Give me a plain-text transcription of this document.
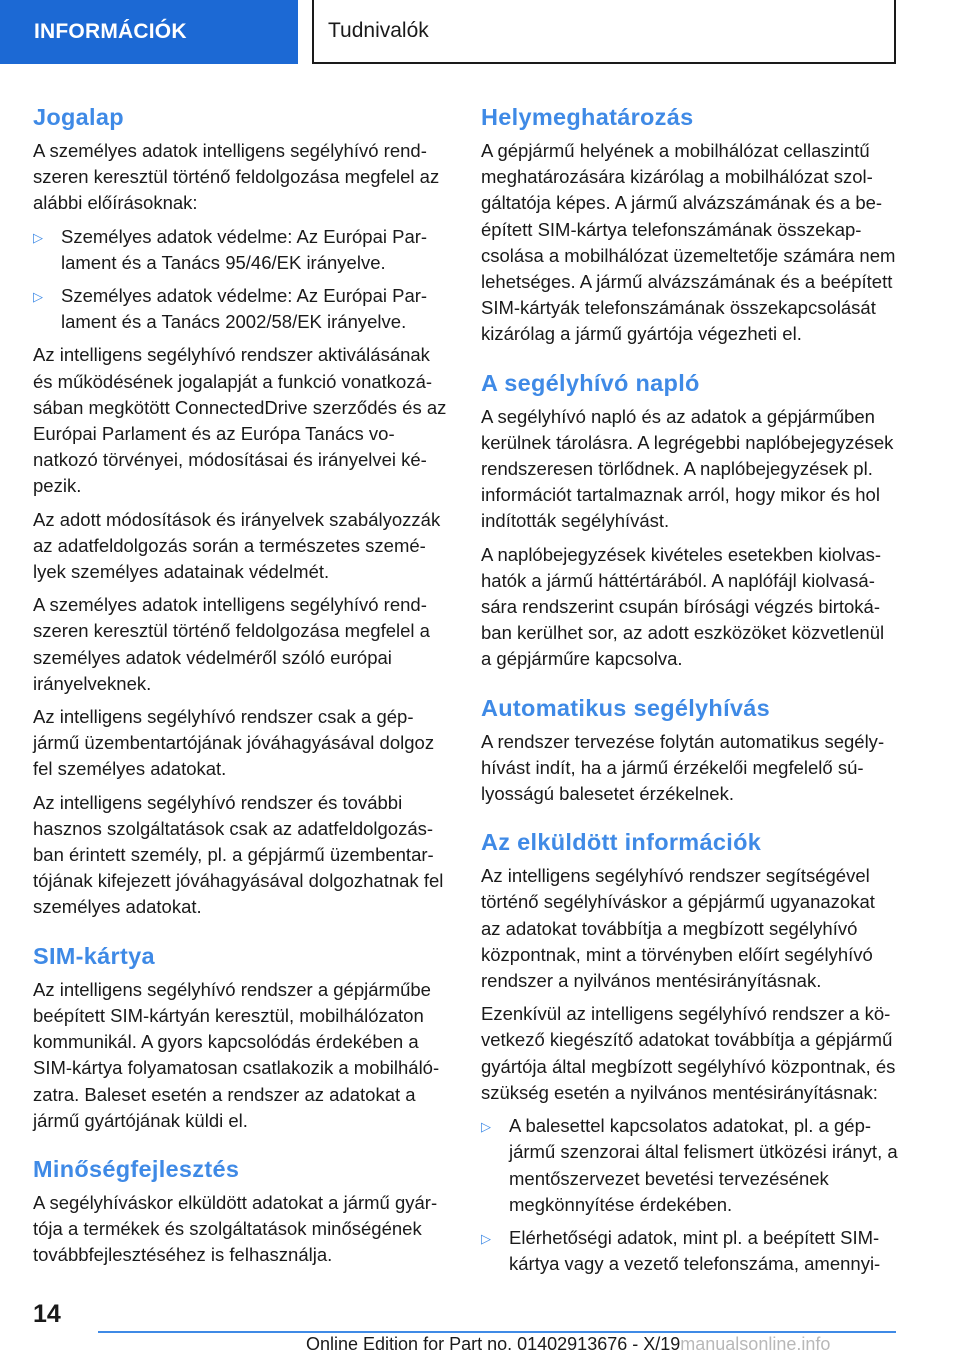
INFORMÁCIÓK	Tudnivalók
Jogalap

A személyes adatok intelligens segélyhívó rendszeren keresztül történő feldolgozása megfelel az alábbi előírásoknak:

▷ Személyes adatok védelme: Az Európai Parlament és a Tanács 95/46/EK irányelve.
▷ Személyes adatok védelme: Az Európai Parlament és a Tanács 2002/58/EK irányelve.

Az intelligens segélyhívó rendszer aktiválásának és működésének jogalapját a funkció vonatkozásában megkötött ConnectedDrive szerződés és az Európai Parlament és az Európa Tanács vonatkozó törvényei, módosításai és irányelvei képezik.

Az adott módosítások és irányelvek szabályozzák az adatfeldolgozás során a természetes személyek személyes adatainak védelmét.

A személyes adatok intelligens segélyhívó rendszeren keresztül történő feldolgozása megfelel a személyes adatok védelméről szóló európai irányelveknek.

Az intelligens segélyhívó rendszer csak a gépjármű üzembentartójának jóváhagyásával dolgoz fel személyes adatokat.

Az intelligens segélyhívó rendszer és további hasznos szolgáltatások csak az adatfeldolgozásban érintett személy, pl. a gépjármű üzembentartójának kifejezett jóváhagyásával dolgozhatnak fel személyes adatokat.

SIM-kártya

Az intelligens segélyhívó rendszer a gépjárműbe beépített SIM-kártyán keresztül, mobilhálózaton kommunikál. A gyors kapcsolódás érdekében a SIM-kártya folyamatosan csatlakozik a mobilhálózatra. Baleset esetén a rendszer az adatokat a jármű gyártójának küldi el.

Minőségfejlesztés

A segélyhíváskor elküldött adatokat a jármű gyártója a termékek és szolgáltatások minőségének továbbfejlesztéséhez is felhasználja.

Helymeghatározás

A gépjármű helyének a mobilhálózat cellaszintű meghatározására kizárólag a mobilhálózat szolgáltatója képes. A jármű alvázszámának és a beépített SIM-kártya telefonszámának összekapcsolása a mobilhálózat üzemeltetője számára nem lehetséges. A jármű alvázszámának és a beépített SIM-kártyák telefonszámának összekapcsolását kizárólag a jármű gyártója végezheti el.

A segélyhívó napló

A segélyhívó napló és az adatok a gépjárműben kerülnek tárolásra. A legrégebbi naplóbejegyzések rendszeresen törlődnek. A naplóbejegyzések pl. információt tartalmaznak arról, hogy mikor és hol indították segélyhívást.

A naplóbejegyzések kivételes esetekben kiolvashatók a jármű háttértárából. A naplófájl kiolvasására rendszerint csupán bírósági végzés birtokában kerülhet sor, az adott eszközöket közvetlenül a gépjárműre kapcsolva.

Automatikus segélyhívás

A rendszer tervezése folytán automatikus segélyhívást indít, ha a jármű érzékelői megfelelő súlyosságú balesetet érzékelnek.

Az elküldött információk

Az intelligens segélyhívó rendszer segítségével történő segélyhíváskor a gépjármű ugyanazokat az adatokat továbbítja a megbízott segélyhívó központnak, mint a törvényben előírt segélyhívó rendszer a nyilvános mentésirányításnak.

Ezenkívül az intelligens segélyhívó rendszer a következő kiegészítő adatokat továbbítja a gépjármű gyártója által megbízott segélyhívó központnak, és szükség esetén a nyilvános mentésirányításnak:

▷ A balesettel kapcsolatos adatokat, pl. a gépjármű szenzorai által felismert ütközési irányt, a mentőszervezet bevetési tervezésének megkönnyítése érdekében.
▷ Elérhetőségi adatok, mint pl. a beépített SIM-kártya vagy a vezető telefonszáma, amennyi-
14
Online Edition for Part no. 01402913676 - X/19manualsonline.info
